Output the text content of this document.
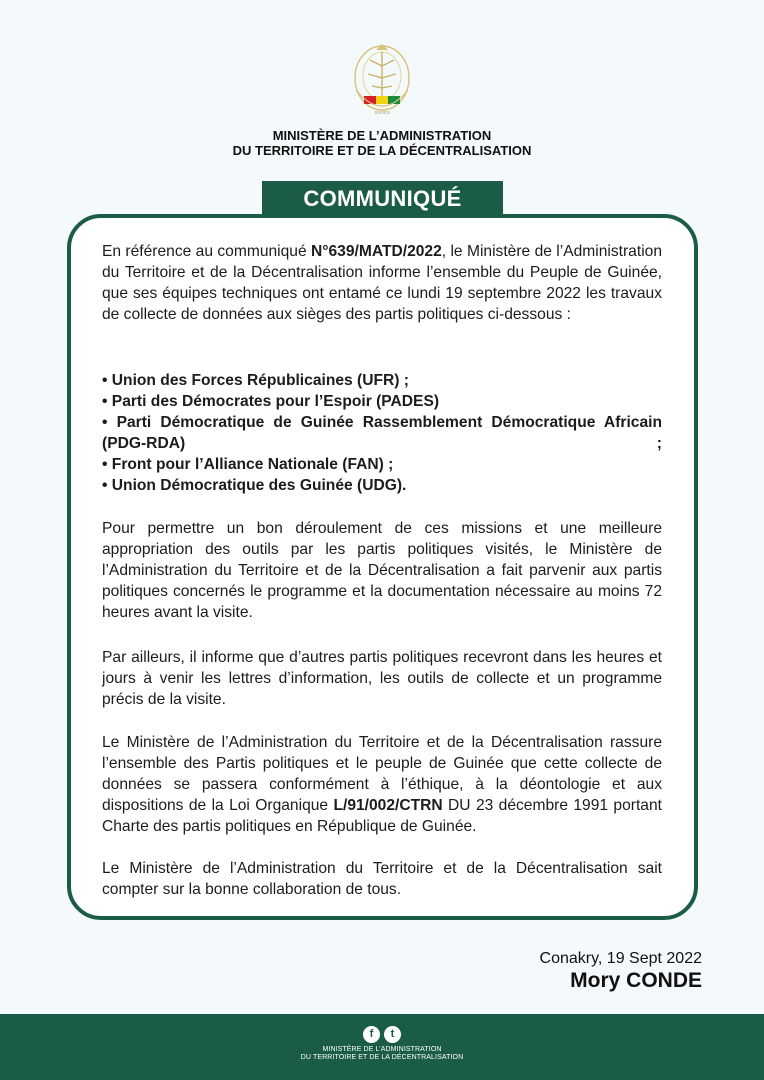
JUSTICE
MINISTÈRE DE L’ADMINISTRATION
DU TERRITOIRE ET DE LA DÉCENTRALISATION
COMMUNIQUÉ
En référence au communiqué N°639/MATD/2022, le Ministère de l’Administration du Territoire et de la Décentralisation informe l’ensemble du Peuple de Guinée, que ses équipes techniques ont entamé ce lundi 19 septembre 2022 les travaux de collecte de données aux sièges des partis politiques ci-dessous :
• Union des Forces Républicaines (UFR) ;
• Parti des Démocrates pour l’Espoir (PADES)
• Parti Démocratique de Guinée Rassemblement Démocratique Africain (PDG-RDA) ;
• Front pour l’Alliance Nationale (FAN) ;
• Union Démocratique des Guinée (UDG).
Pour permettre un bon déroulement de ces missions et une meilleure appropriation des outils par les partis politiques visités, le Ministère de l’Administration du Territoire et de la Décentralisation a fait parvenir aux partis politiques concernés le programme et la documentation nécessaire au moins 72 heures avant la visite.
Par ailleurs, il informe que d’autres partis politiques recevront dans les heures et jours à venir les lettres d’information, les outils de collecte et un programme précis de la visite.
Le Ministère de l’Administration du Territoire et de la Décentralisation rassure l’ensemble des Partis politiques et le peuple de Guinée que cette collecte de données se passera conformément à l’éthique, à la déontologie et aux dispositions de la Loi Organique L/91/002/CTRN DU 23 décembre 1991 portant Charte des partis politiques en République de Guinée.
Le Ministère de l’Administration du Territoire et de la Décentralisation sait compter sur la bonne collaboration de tous.
Conakry, 19 Sept 2022
Mory CONDE
f	t
MINISTÈRE DE L’ADMINISTRATION
DU TERRITOIRE ET DE LA DÉCENTRALISATION
